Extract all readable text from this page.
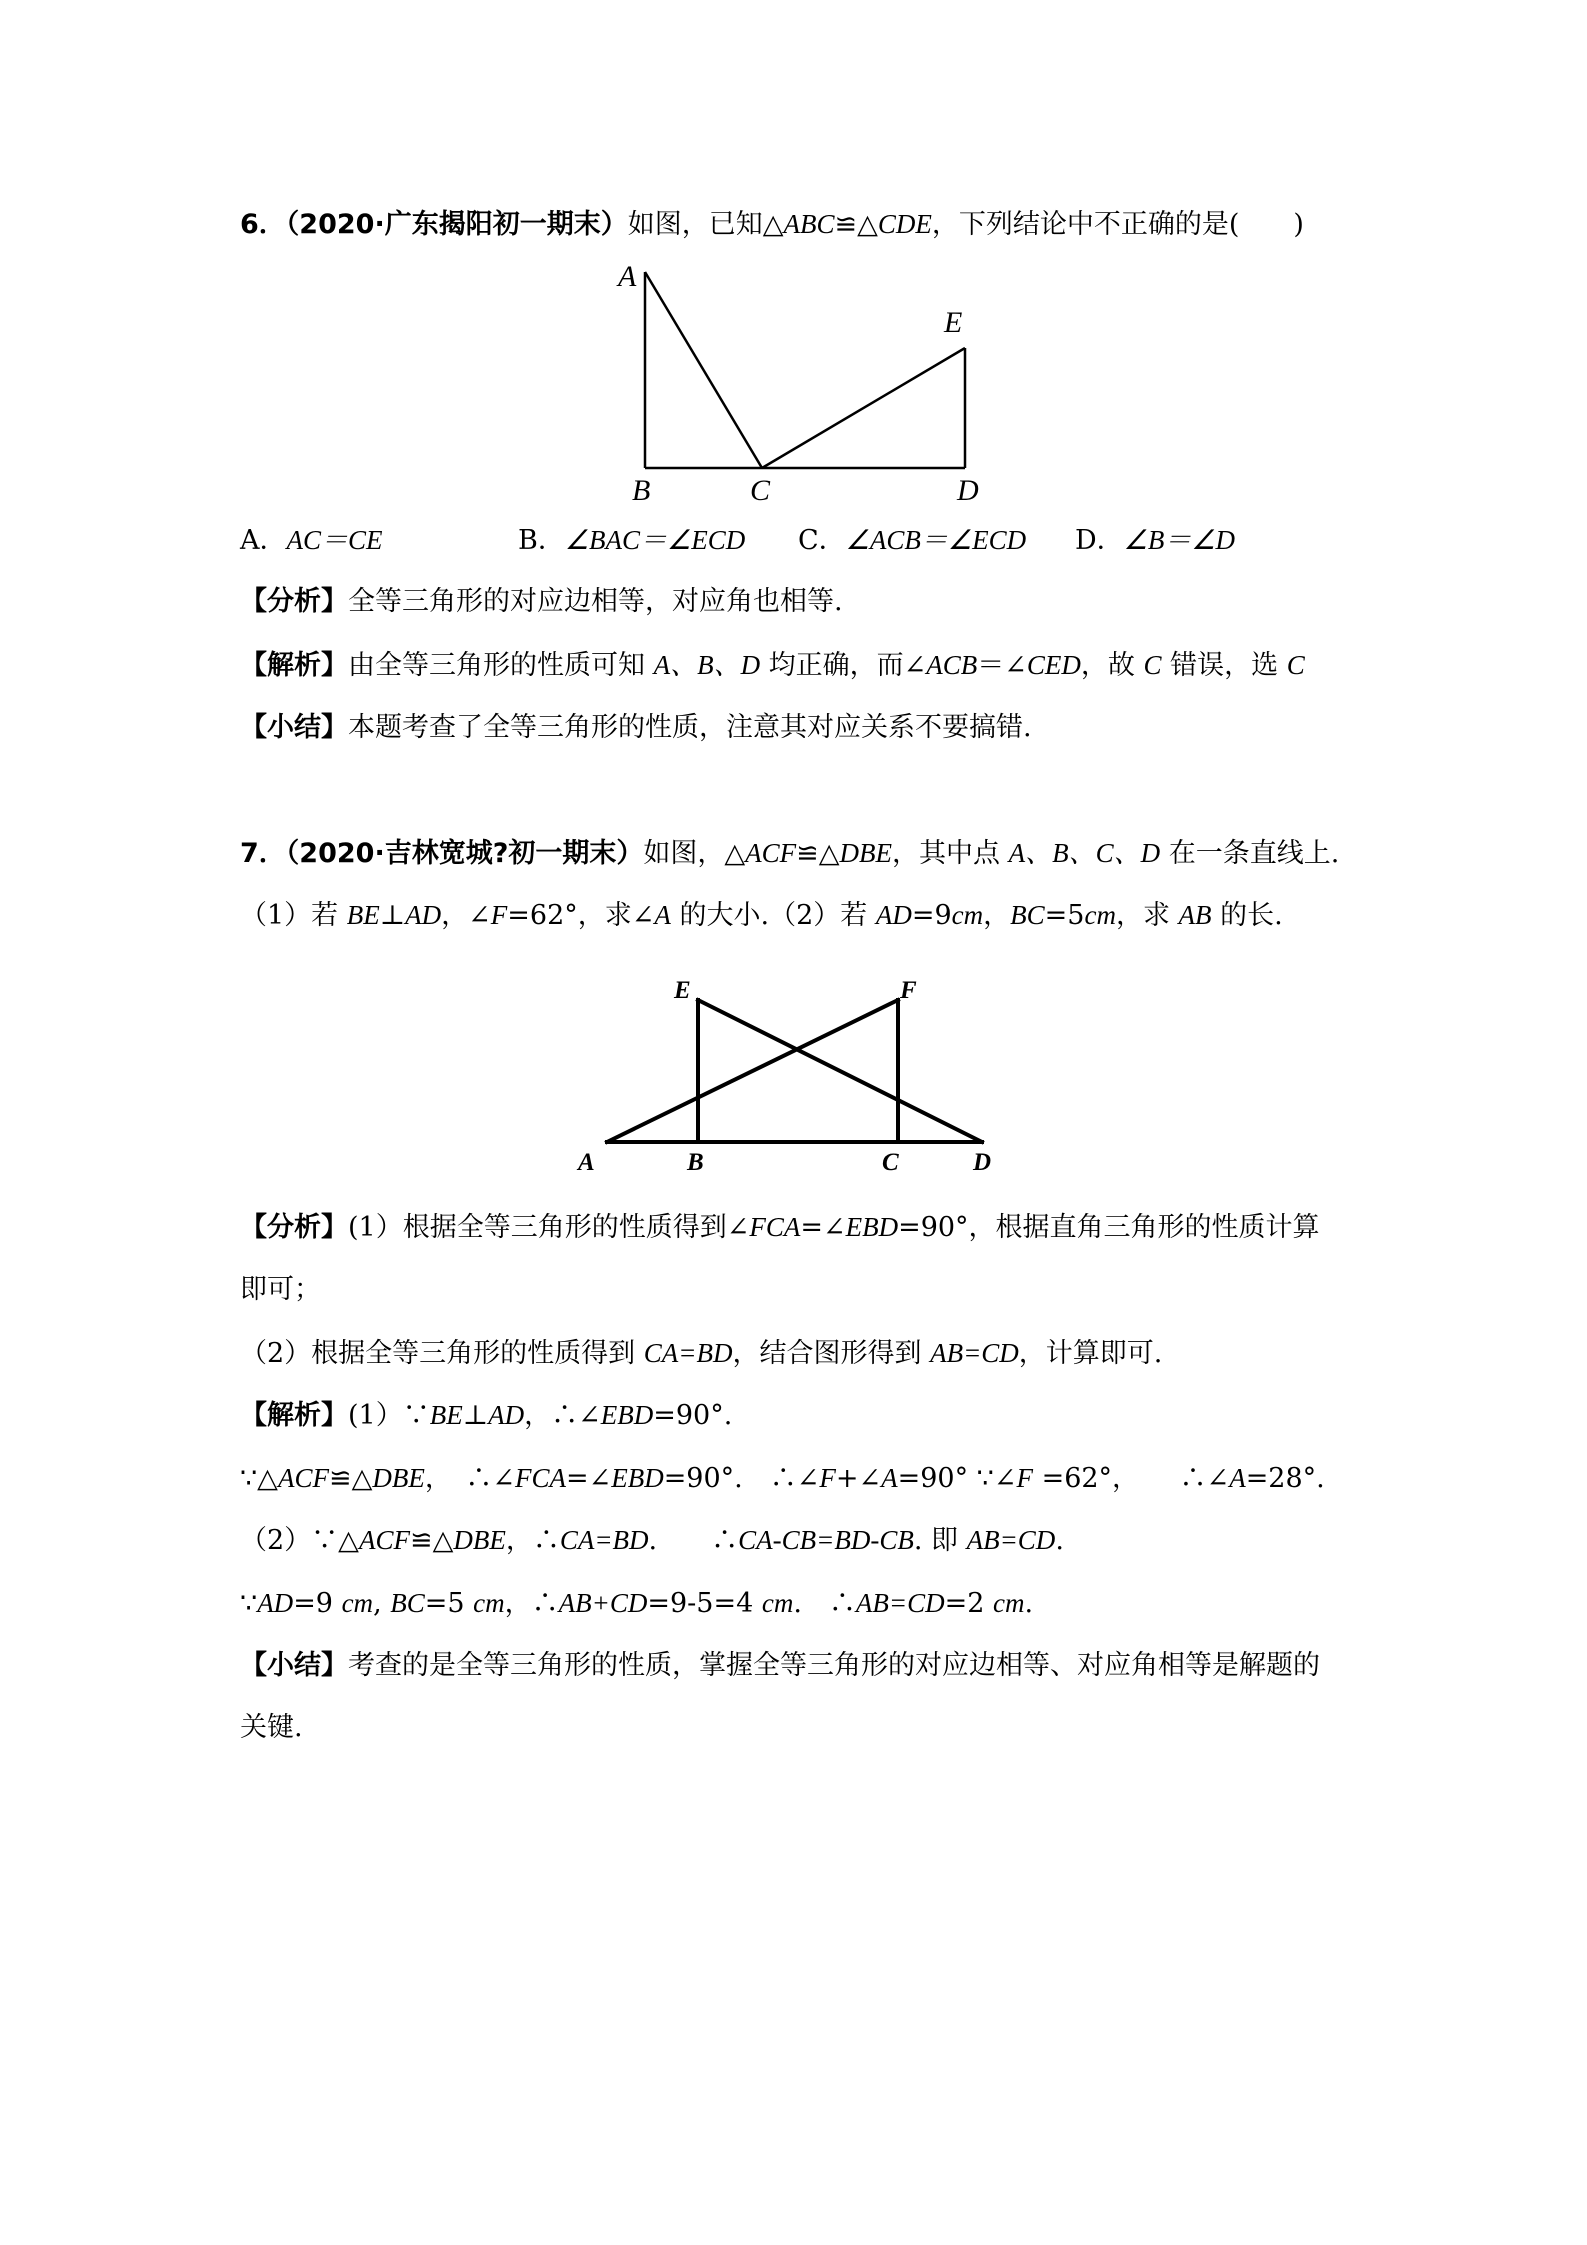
6．（2020·广东揭阳初一期末）如图，已知△ABC≌△CDE，下列结论中不正确的是(　　)
A
B	C	D
E
A．AC＝CE	B．∠BAC＝∠ECD C．∠ACB＝∠ECD D．∠B＝∠D
【分析】全等三角形的对应边相等，对应角也相等.
【解析】由全等三角形的性质可知 A、B、D 均正确，而∠ACB＝∠CED，故 C 错误，选 C
【小结】本题考查了全等三角形的性质，注意其对应关系不要搞错.
7．（2020·吉林宽城?初一期末）如图，△ACF≌△DBE，其中点 A、B、C、D 在一条直线上.
（1）若 BE⊥AD，∠F=62°，求∠A 的大小.（2）若 AD=9cm，BC=5cm，求 AB 的长.
A	B	C	D
E	F
【分析】(1）根据全等三角形的性质得到∠FCA=∠EBD=90°，根据直角三角形的性质计算
即可；
（2）根据全等三角形的性质得到 CA=BD，结合图形得到 AB=CD，计算即可.
【解析】(1）∵BE⊥AD，∴∠EBD=90°.
∵△ACF≌△DBE，　∴∠FCA=∠EBD=90°.　∴∠F+∠A=90° ∵∠F =62°，　　∴∠A=28°.
（2）∵△ACF≌△DBE，∴CA=BD.　　∴CA-CB=BD-CB. 即 AB=CD.
∵AD=9 cm, BC=5 cm，∴AB+CD=9-5=4 cm.　∴AB=CD=2 cm.
【小结】考查的是全等三角形的性质，掌握全等三角形的对应边相等、对应角相等是解题的
关键.
